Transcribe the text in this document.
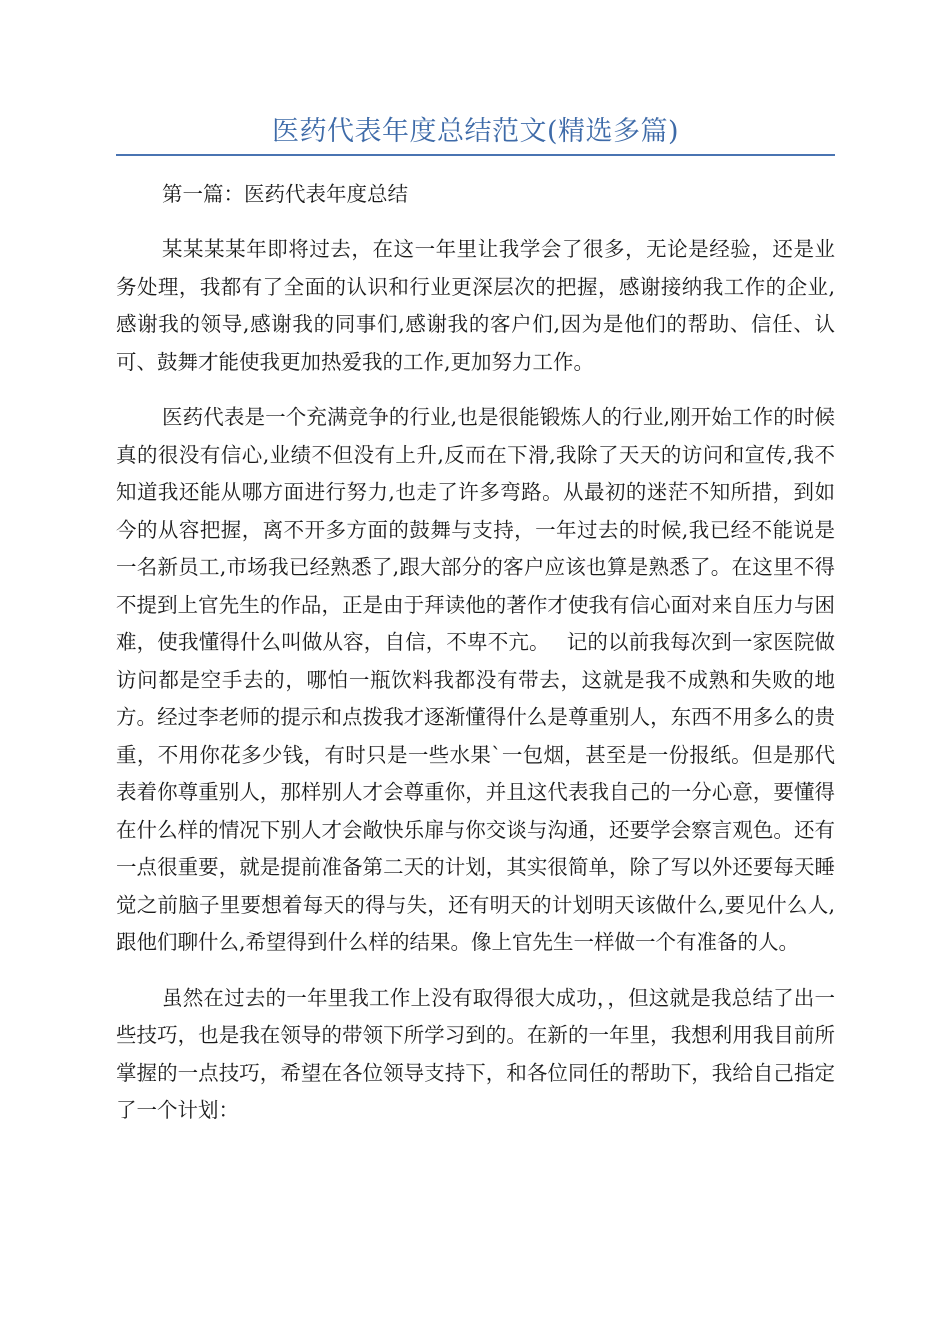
医药代表年度总结范文(精选多篇)

第一篇：医药代表年度总结

某某某某年即将过去，在这一年里让我学会了很多，无论是经验，还是业务处理，我都有了全面的认识和行业更深层次的把握，感谢接纳我工作的企业,感谢我的领导,感谢我的同事们,感谢我的客户们,因为是他们的帮助、信任、认可、鼓舞才能使我更加热爱我的工作,更加努力工作。

医药代表是一个充满竞争的行业,也是很能锻炼人的行业,刚开始工作的时候真的很没有信心,业绩不但没有上升,反而在下滑,我除了天天的访问和宣传,我不知道我还能从哪方面进行努力,也走了许多弯路。从最初的迷茫不知所措，到如今的从容把握，离不开多方面的鼓舞与支持，一年过去的时候,我已经不能说是一名新员工,市场我已经熟悉了,跟大部分的客户应该也算是熟悉了。在这里不得不提到上官先生的作品，正是由于拜读他的著作才使我有信心面对来自压力与困难，使我懂得什么叫做从容，自信，不卑不亢。　 记的以前我每次到一家医院做访问都是空手去的，哪怕一瓶饮料我都没有带去，这就是我不成熟和失败的地方。经过李老师的提示和点拨我才逐渐懂得什么是尊重别人，东西不用多么的贵重，不用你花多少钱，有时只是一些水果`一包烟，甚至是一份报纸。但是那代表着你尊重别人，那样别人才会尊重你，并且这代表我自己的一分心意，要懂得在什么样的情况下别人才会敞快乐扉与你交谈与沟通，还要学会察言观色。还有一点很重要，就是提前准备第二天的计划，其实很简单，除了写以外还要每天睡觉之前脑子里要想着每天的得与失，还有明天的计划明天该做什么,要见什么人,跟他们聊什么,希望得到什么样的结果。像上官先生一样做一个有准备的人。

虽然在过去的一年里我工作上没有取得很大成功，，但这就是我总结了出一些技巧，也是我在领导的带领下所学习到的。在新的一年里，我想利用我目前所掌握的一点技巧，希望在各位领导支持下，和各位同任的帮助下，我给自己指定了一个计划：
